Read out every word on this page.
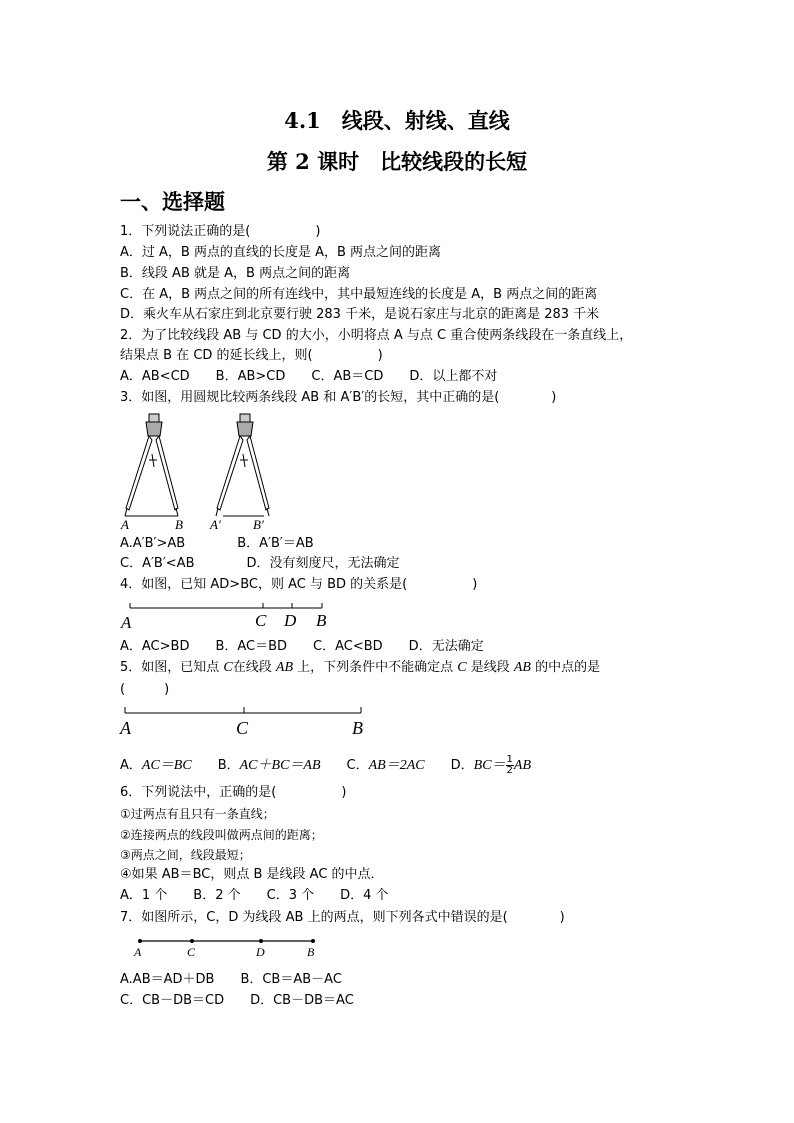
4.1　线段、射线、直线
第 2 课时　比较线段的长短
一、选择题
1．下列说法正确的是(　　　　　)
A．过 A，B 两点的直线的长度是 A，B 两点之间的距离
B．线段 AB 就是 A，B 两点之间的距离
C．在 A，B 两点之间的所有连线中，其中最短连线的长度是 A，B 两点之间的距离
D．乘火车从石家庄到北京要行驶 283 千米，是说石家庄与北京的距离是 283 千米
2．为了比较线段 AB 与 CD 的大小，小明将点 A 与点 C 重合使两条线段在一条直线上，
结果点 B 在 CD 的延长线上，则(　　　　　)
A．AB<CD　　B．AB>CD　　C．AB＝CD　　D．以上都不对
3．如图，用圆规比较两条线段 AB 和 A′B′的长短，其中正确的是(　　　　)
A	B A′ B′
A.A′B′>AB　　　　B．A′B′＝AB
C．A′B′<AB　　　　D．没有刻度尺，无法确定
4．如图，已知 AD>BC，则 AC 与 BD 的关系是(　　　　　)
A	C D B
A．AC>BD　　B．AC＝BD　　C．AC<BD　　D．无法确定
5．如图，已知点 C在线段 AB 上，下列条件中不能确定点 C 是线段 AB 的中点的是
(　　　)
A	C	B
A．AC＝BC　　 B．AC＋BC＝AB　　 C．AB＝2AC　　 D．$BC= \frac{1}{2}$ AB
6．下列说法中，正确的是(　　　　　)
①过两点有且只有一条直线；
②连接两点的线段叫做两点间的距离；
③两点之间，线段最短；
④如果 AB＝BC，则点 B 是线段 AC 的中点．
A．1 个　　B．2 个　　C．3 个　　D．4 个
7．如图所示，C，D 为线段 AB 上的两点，则下列各式中错误的是(　　　　)
A	C	D	B
A.AB＝AD＋DB　　B．CB＝AB－AC
C．CB－DB＝CD　　D．CB－DB＝AC
